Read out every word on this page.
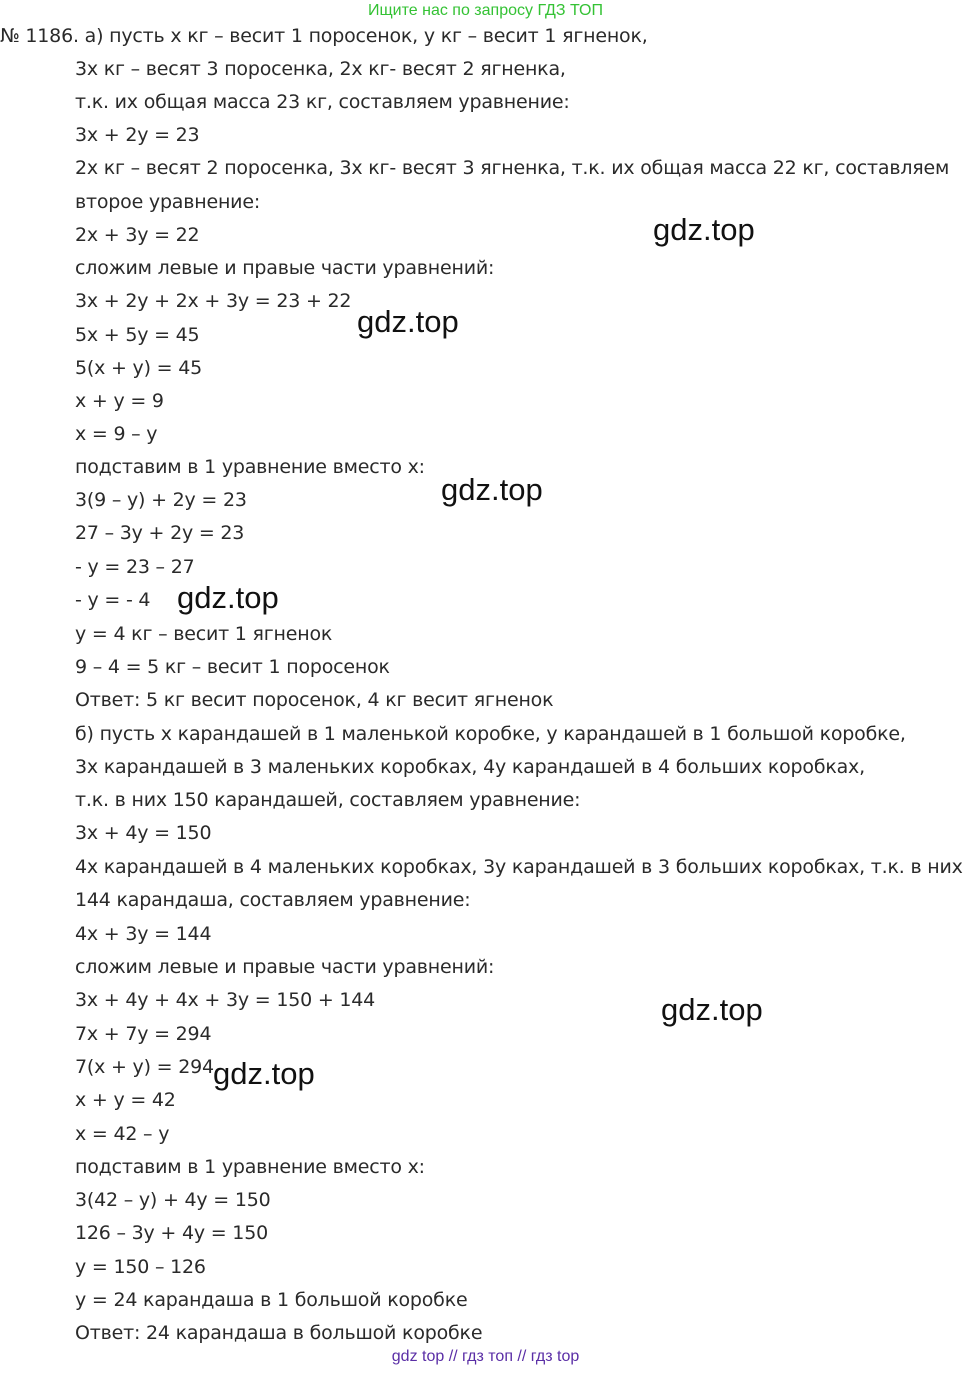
Ищите нас по запросу ГДЗ ТОП
№ 1186. а) пусть х кг – весит 1 поросенок, у кг – весит 1 ягненок,
3х кг – весят 3 поросенка, 2х кг- весят 2 ягненка,
т.к. их общая масса 23 кг, составляем уравнение:
3х + 2у = 23
2х кг – весят 2 поросенка, 3х кг- весят 3 ягненка, т.к. их общая масса 22 кг, составляем
второе уравнение:
2х + 3у = 22
сложим левые и правые части уравнений:
3х + 2у + 2х + 3у = 23 + 22
5х + 5у = 45
5(х + у) = 45
х + у = 9
х = 9 – у
подставим в 1 уравнение вместо х:
3(9 – у) + 2у = 23
27 – 3у + 2у = 23
- у = 23 – 27
- у = - 4
у = 4 кг – весит 1 ягненок
9 – 4 = 5 кг – весит 1 поросенок
Ответ: 5 кг весит поросенок, 4 кг весит ягненок
б) пусть х карандашей в 1 маленькой коробке, у карандашей в 1 большой коробке,
3х карандашей в 3 маленьких коробках, 4у карандашей в 4 больших коробках,
т.к. в них 150 карандашей, составляем уравнение:
3х + 4у = 150
4х карандашей в 4 маленьких коробках, 3у карандашей в 3 больших коробках, т.к. в них
144 карандаша, составляем уравнение:
4х + 3у = 144
сложим левые и правые части уравнений:
3х + 4у + 4х + 3у = 150 + 144
7х + 7у = 294
7(х + у) = 294
х + у = 42
х = 42 – у
подставим в 1 уравнение вместо х:
3(42 – у) + 4у = 150
126 – 3у + 4у = 150
у = 150 – 126
у = 24 карандаша в 1 большой коробке
Ответ: 24 карандаша в большой коробке
gdz.top
gdz.top
gdz.top
gdz.top
gdz.top
gdz.top
gdz top // гдз топ // гдз top
